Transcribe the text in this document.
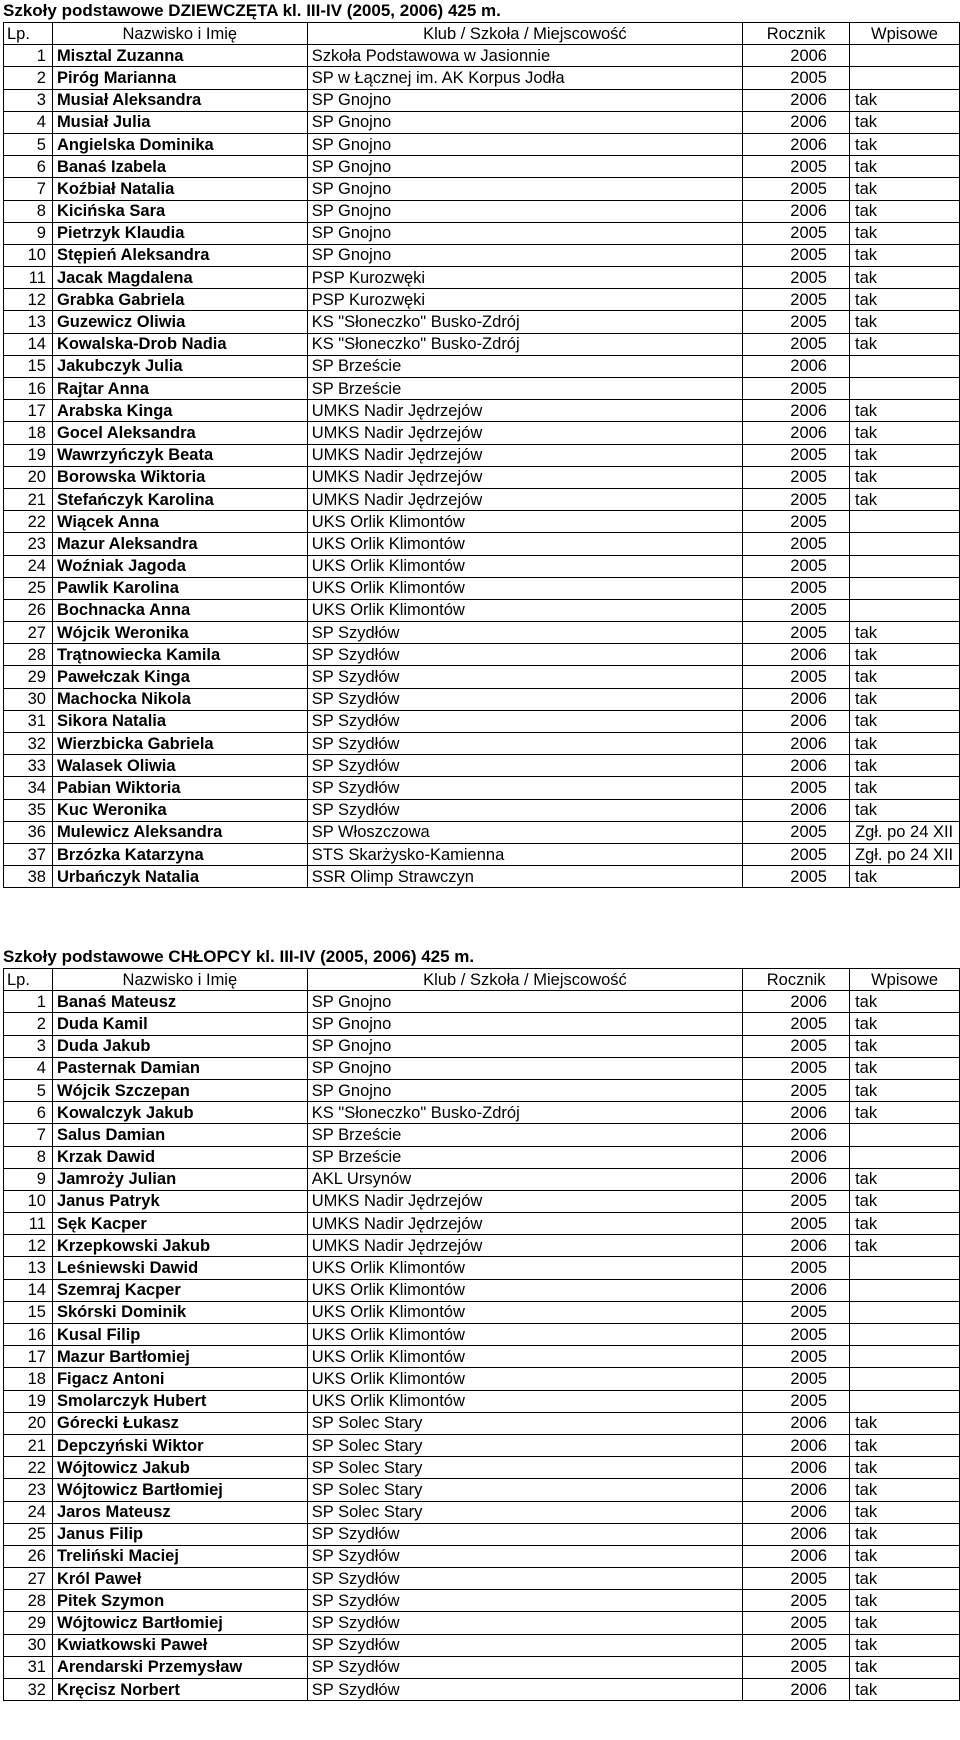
Szkoły podstawowe DZIEWCZĘTA kl. III-IV (2005, 2006) 425 m.
Lp.	Nazwisko i Imię	Klub / Szkoła / Miejscowość	Rocznik	Wpisowe
1	Misztal Zuzanna	Szkoła Podstawowa w Jasionnie	2006	
2	Piróg Marianna	SP w Łącznej im. AK Korpus Jodła	2005	
3	Musiał Aleksandra	SP Gnojno	2006	tak
4	Musiał Julia	SP Gnojno	2006	tak
5	Angielska Dominika	SP Gnojno	2006	tak
6	Banaś Izabela	SP Gnojno	2005	tak
7	Koźbiał Natalia	SP Gnojno	2005	tak
8	Kicińska Sara	SP Gnojno	2006	tak
9	Pietrzyk Klaudia	SP Gnojno	2005	tak
10	Stępień Aleksandra	SP Gnojno	2005	tak
11	Jacak Magdalena	PSP Kurozwęki	2005	tak
12	Grabka Gabriela	PSP Kurozwęki	2005	tak
13	Guzewicz Oliwia	KS "Słoneczko" Busko-Zdrój	2005	tak
14	Kowalska-Drob Nadia	KS "Słoneczko" Busko-Zdrój	2005	tak
15	Jakubczyk Julia	SP Brzeście	2006	
16	Rajtar Anna	SP Brzeście	2005	
17	Arabska Kinga	UMKS Nadir Jędrzejów	2006	tak
18	Gocel Aleksandra	UMKS Nadir Jędrzejów	2006	tak
19	Wawrzyńczyk Beata	UMKS Nadir Jędrzejów	2005	tak
20	Borowska Wiktoria	UMKS Nadir Jędrzejów	2005	tak
21	Stefańczyk Karolina	UMKS Nadir Jędrzejów	2005	tak
22	Wiącek Anna	UKS Orlik Klimontów	2005	
23	Mazur Aleksandra	UKS Orlik Klimontów	2005	
24	Woźniak Jagoda	UKS Orlik Klimontów	2005	
25	Pawlik Karolina	UKS Orlik Klimontów	2005	
26	Bochnacka Anna	UKS Orlik Klimontów	2005	
27	Wójcik Weronika	SP Szydłów	2005	tak
28	Trątnowiecka Kamila	SP Szydłów	2006	tak
29	Pawełczak Kinga	SP Szydłów	2005	tak
30	Machocka Nikola	SP Szydłów	2006	tak
31	Sikora Natalia	SP Szydłów	2006	tak
32	Wierzbicka Gabriela	SP Szydłów	2006	tak
33	Walasek Oliwia	SP Szydłów	2006	tak
34	Pabian Wiktoria	SP Szydłów	2005	tak
35	Kuc Weronika	SP Szydłów	2006	tak
36	Mulewicz Aleksandra	SP Włoszczowa	2005	Zgł. po 24 XII
37	Brzózka Katarzyna	STS Skarżysko-Kamienna	2005	Zgł. po 24 XII
38	Urbańczyk Natalia	SSR Olimp Strawczyn	2005	tak
Szkoły podstawowe CHŁOPCY kl. III-IV (2005, 2006) 425 m.
Lp.	Nazwisko i Imię	Klub / Szkoła / Miejscowość	Rocznik	Wpisowe
1	Banaś Mateusz	SP Gnojno	2006	tak
2	Duda Kamil	SP Gnojno	2005	tak
3	Duda Jakub	SP Gnojno	2005	tak
4	Pasternak Damian	SP Gnojno	2005	tak
5	Wójcik Szczepan	SP Gnojno	2005	tak
6	Kowalczyk Jakub	KS "Słoneczko" Busko-Zdrój	2006	tak
7	Salus Damian	SP Brzeście	2006	
8	Krzak Dawid	SP Brzeście	2006	
9	Jamroży Julian	AKL Ursynów	2006	tak
10	Janus Patryk	UMKS Nadir Jędrzejów	2005	tak
11	Sęk Kacper	UMKS Nadir Jędrzejów	2005	tak
12	Krzepkowski Jakub	UMKS Nadir Jędrzejów	2006	tak
13	Leśniewski Dawid	UKS Orlik Klimontów	2005	
14	Szemraj Kacper	UKS Orlik Klimontów	2006	
15	Skórski Dominik	UKS Orlik Klimontów	2005	
16	Kusal Filip	UKS Orlik Klimontów	2005	
17	Mazur Bartłomiej	UKS Orlik Klimontów	2005	
18	Figacz Antoni	UKS Orlik Klimontów	2005	
19	Smolarczyk Hubert	UKS Orlik Klimontów	2005	
20	Górecki Łukasz	SP Solec Stary	2006	tak
21	Depczyński Wiktor	SP Solec Stary	2006	tak
22	Wójtowicz Jakub	SP Solec Stary	2006	tak
23	Wójtowicz Bartłomiej	SP Solec Stary	2006	tak
24	Jaros Mateusz	SP Solec Stary	2006	tak
25	Janus Filip	SP Szydłów	2006	tak
26	Treliński Maciej	SP Szydłów	2006	tak
27	Król Paweł	SP Szydłów	2005	tak
28	Pitek Szymon	SP Szydłów	2005	tak
29	Wójtowicz Bartłomiej	SP Szydłów	2005	tak
30	Kwiatkowski Paweł	SP Szydłów	2005	tak
31	Arendarski Przemysław	SP Szydłów	2005	tak
32	Kręcisz Norbert	SP Szydłów	2006	tak
